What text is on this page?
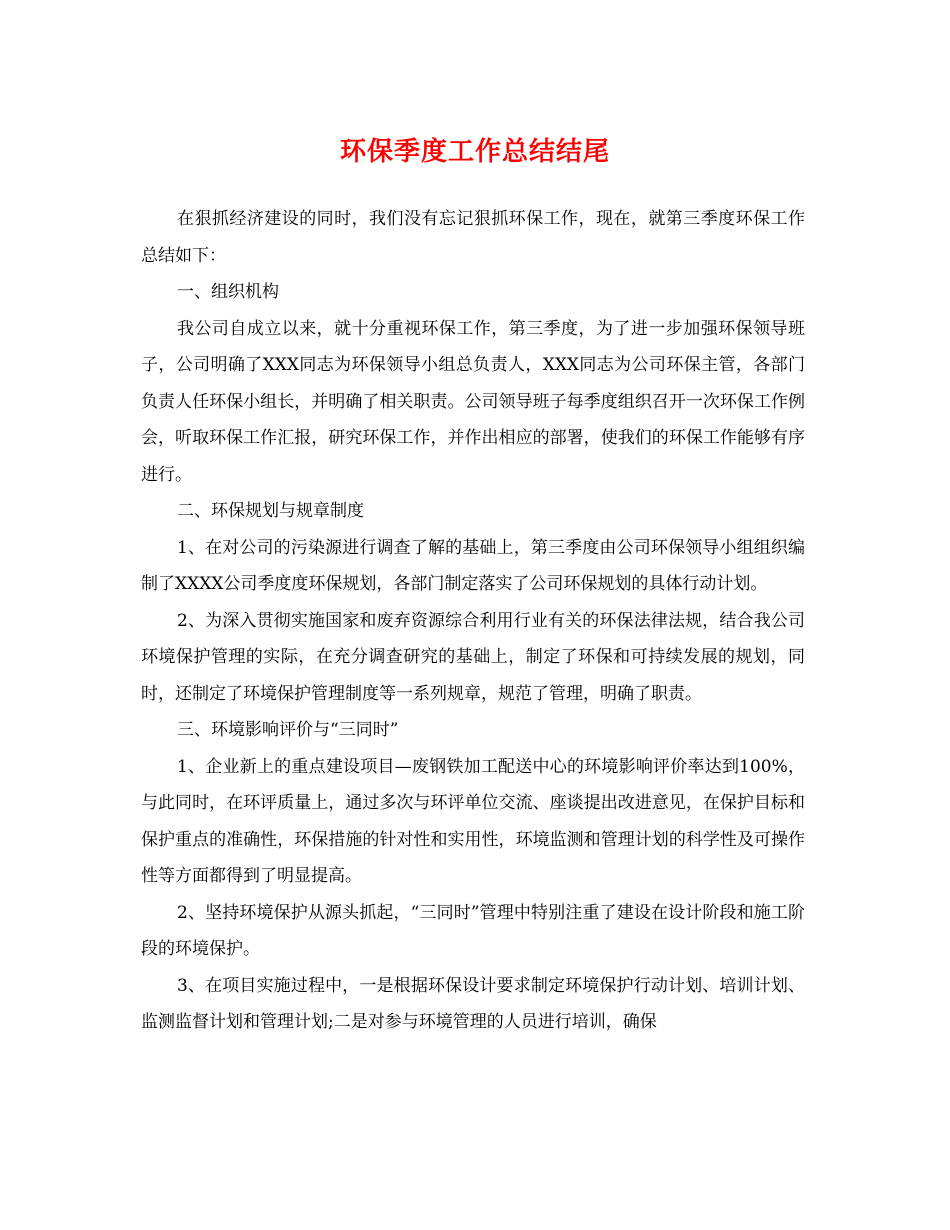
环保季度工作总结结尾

在狠抓经济建设的同时，我们没有忘记狠抓环保工作，现在，就第三季度环保工作总结如下：

一、组织机构

我公司自成立以来，就十分重视环保工作，第三季度，为了进一步加强环保领导班子，公司明确了XXX同志为环保领导小组总负责人，XXX同志为公司环保主管，各部门负责人任环保小组长，并明确了相关职责。公司领导班子每季度组织召开一次环保工作例会，听取环保工作汇报，研究环保工作，并作出相应的部署，使我们的环保工作能够有序进行。

二、环保规划与规章制度

1、在对公司的污染源进行调查了解的基础上，第三季度由公司环保领导小组组织编制了XXXX公司季度度环保规划，各部门制定落实了公司环保规划的具体行动计划。

2、为深入贯彻实施国家和废弃资源综合利用行业有关的环保法律法规，结合我公司环境保护管理的实际，在充分调查研究的基础上，制定了环保和可持续发展的规划，同时，还制定了环境保护管理制度等一系列规章，规范了管理，明确了职责。

三、环境影响评价与“三同时”

1、企业新上的重点建设项目—废钢铁加工配送中心的环境影响评价率达到100%，与此同时，在环评质量上，通过多次与环评单位交流、座谈提出改进意见，在保护目标和保护重点的准确性，环保措施的针对性和实用性，环境监测和管理计划的科学性及可操作性等方面都得到了明显提高。

2、坚持环境保护从源头抓起，“三同时”管理中特别注重了建设在设计阶段和施工阶段的环境保护。

3、在项目实施过程中，一是根据环保设计要求制定环境保护行动计划、培训计划、监测监督计划和管理计划;二是对参与环境管理的人员进行培训，确保
